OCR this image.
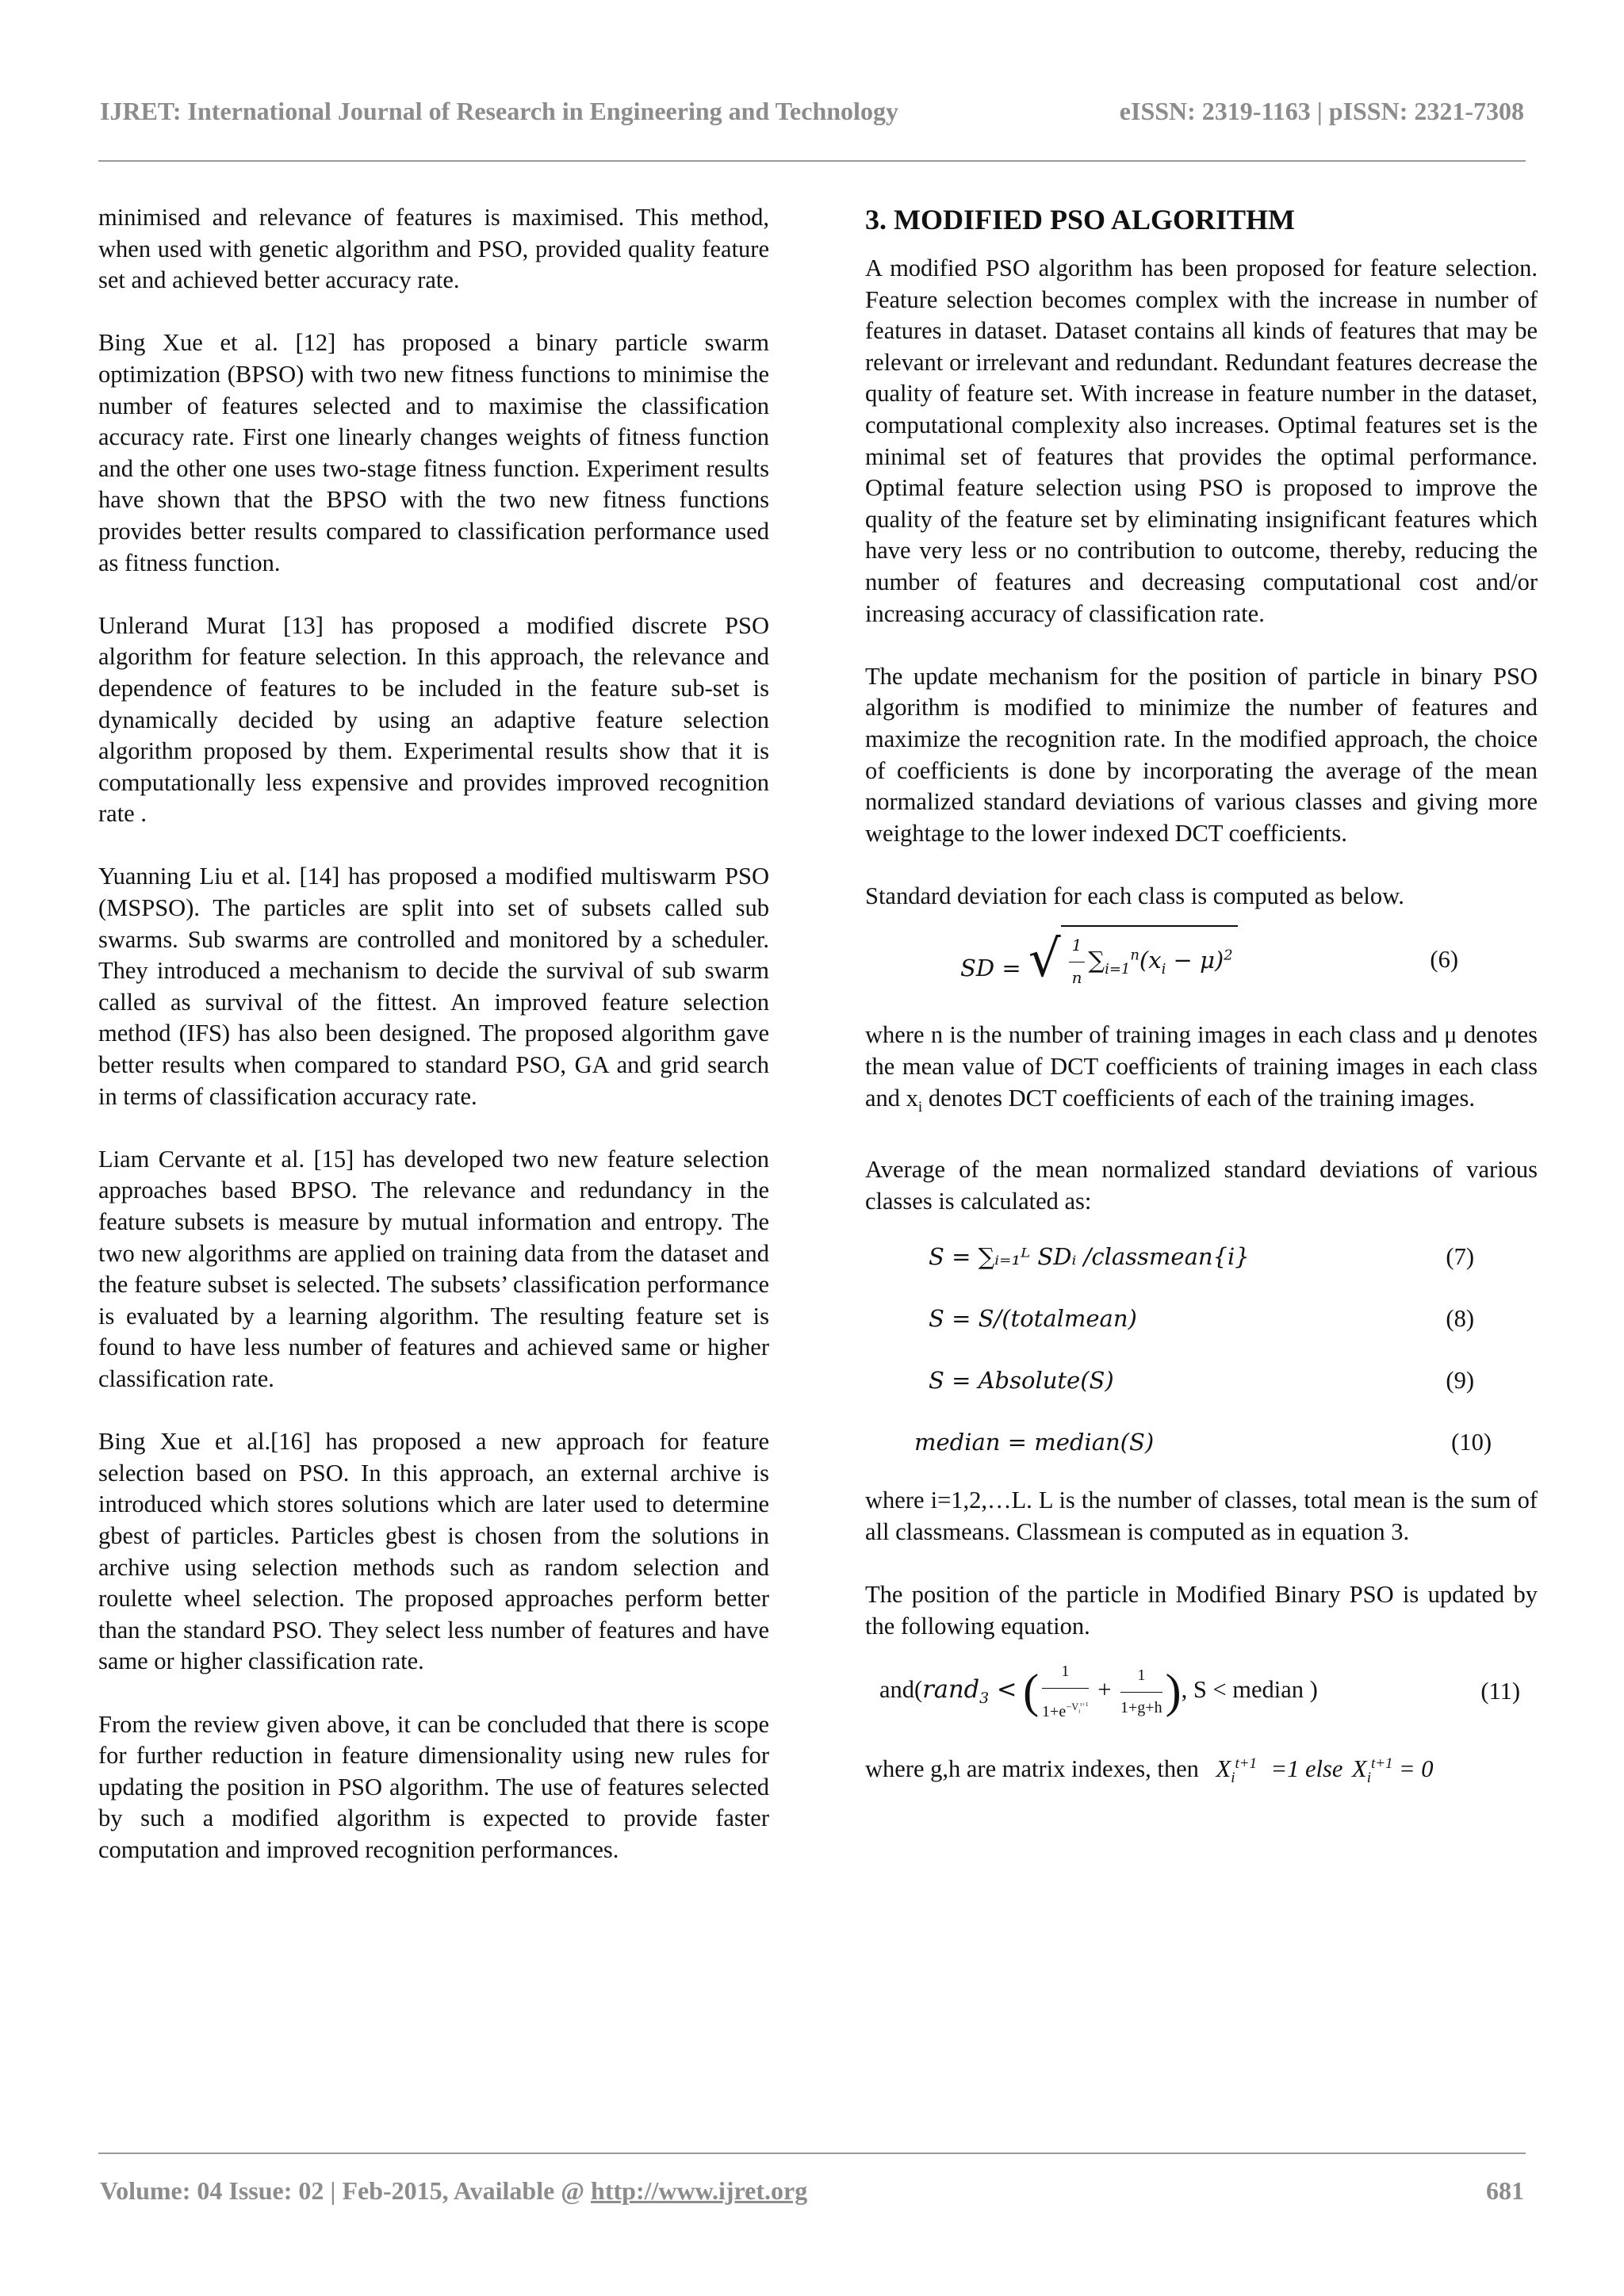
IJRET: International Journal of Research in Engineering and Technology	eISSN: 2319-1163 | pISSN: 2321-7308

minimised and relevance of features is maximised. This method, when used with genetic algorithm and PSO, provided quality feature set and achieved better accuracy rate.

Bing Xue et al. [12] has proposed a binary particle swarm optimization (BPSO) with two new fitness functions to minimise the number of features selected and to maximise the classification accuracy rate. First one linearly changes weights of fitness function and the other one uses two-stage fitness function. Experiment results have shown that the BPSO with the two new fitness functions provides better results compared to classification performance used as fitness function.

Unlerand Murat [13] has proposed a modified discrete PSO algorithm for feature selection. In this approach, the relevance and dependence of features to be included in the feature sub-set is dynamically decided by using an adaptive feature selection algorithm proposed by them. Experimental results show that it is computationally less expensive and provides improved recognition rate .

Yuanning Liu et al. [14] has proposed a modified multiswarm PSO (MSPSO). The particles are split into set of subsets called sub swarms. Sub swarms are controlled and monitored by a scheduler. They introduced a mechanism to decide the survival of sub swarm called as survival of the fittest. An improved feature selection method (IFS) has also been designed. The proposed algorithm gave better results when compared to standard PSO, GA and grid search in terms of classification accuracy rate.

Liam Cervante et al. [15] has developed two new feature selection approaches based BPSO. The relevance and redundancy in the feature subsets is measure by mutual information and entropy. The two new algorithms are applied on training data from the dataset and the feature subset is selected. The subsets’ classification performance is evaluated by a learning algorithm. The resulting feature set is found to have less number of features and achieved same or higher classification rate.

Bing Xue et al.[16] has proposed a new approach for feature selection based on PSO. In this approach, an external archive is introduced which stores solutions which are later used to determine gbest of particles. Particles gbest is chosen from the solutions in archive using selection methods such as random selection and roulette wheel selection. The proposed approaches perform better than the standard PSO. They select less number of features and have same or higher classification rate.

From the review given above, it can be concluded that there is scope for further reduction in feature dimensionality using new rules for updating the position in PSO algorithm. The use of features selected by such a modified algorithm is expected to provide faster computation and improved recognition performances.

3. MODIFIED PSO ALGORITHM

A modified PSO algorithm has been proposed for feature selection. Feature selection becomes complex with the increase in number of features in dataset. Dataset contains all kinds of features that may be relevant or irrelevant and redundant. Redundant features decrease the quality of feature set. With increase in feature number in the dataset, computational complexity also increases. Optimal features set is the minimal set of features that provides the optimal performance. Optimal feature selection using PSO is proposed to improve the quality of the feature set by eliminating insignificant features which have very less or no contribution to outcome, thereby, reducing the number of features and decreasing computational cost and/or increasing accuracy of classification rate.

The update mechanism for the position of particle in binary PSO algorithm is modified to minimize the number of features and maximize the recognition rate. In the modified approach, the choice of coefficients is done by incorporating the average of the mean normalized standard deviations of various classes and giving more weightage to the lower indexed DCT coefficients.

Standard deviation for each class is computed as below.

SD = √ $\frac{1}{n} \sum_{i=1}^n(x_i - \mu)^2$	(6)

where n is the number of training images in each class and μ denotes the mean value of DCT coefficients of training images in each class and $x_i$ denotes DCT coefficients of each of the training images.

Average of the mean normalized standard deviations of various classes is calculated as:

S = ∑ᵢ₌₁ᴸ SDᵢ /classmean{i}	(7)
S = S/(totalmean)	(8)
S = Absolute(S)	(9)
median = median(S)	(10)

where i=1,2,…L. L is the number of classes, total mean is the sum of all classmeans. Classmean is computed as in equation 3.

The position of the particle in Modified Binary PSO is updated by the following equation.

and(rand$_3$ < ( $\frac{1}{1+e^{-V_i^{t+1}}} + \frac{1}{1+g+h}$ ), S < median )	(11)

where g,h are matrix indexes, then $X_i^{t+1} =1$ else $X_i^{t+1} = 0$

Volume: 04 Issue: 02 | Feb-2015, Available @ http://www.ijret.org	681
